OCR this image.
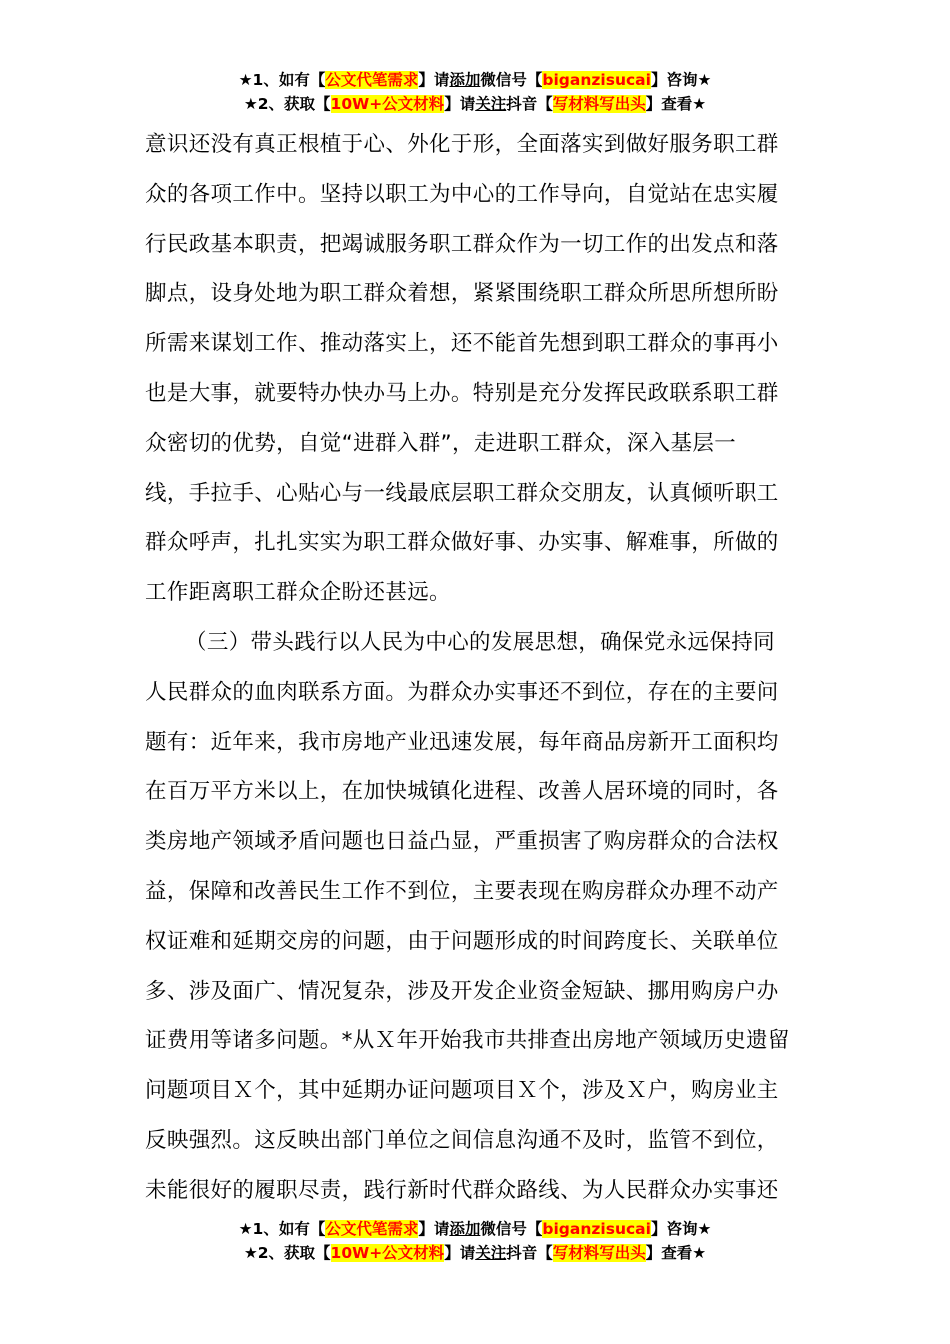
★1、如有【公文代笔需求】请添加微信号【biganzisucai】咨询★
★2、获取【10W+公文材料】请关注抖音【写材料写出头】查看★
意识还没有真正根植于心、外化于形，全面落实到做好服务职工群
众的各项工作中。坚持以职工为中心的工作导向，自觉站在忠实履
行民政基本职责，把竭诚服务职工群众作为一切工作的出发点和落
脚点，设身处地为职工群众着想，紧紧围绕职工群众所思所想所盼
所需来谋划工作、推动落实上，还不能首先想到职工群众的事再小
也是大事，就要特办快办马上办。特别是充分发挥民政联系职工群
众密切的优势，自觉“进群入群”，走进职工群众，深入基层一
线，手拉手、心贴心与一线最底层职工群众交朋友，认真倾听职工
群众呼声，扎扎实实为职工群众做好事、办实事、解难事，所做的
工作距离职工群众企盼还甚远。
（三）带头践行以人民为中心的发展思想，确保党永远保持同
人民群众的血肉联系方面。为群众办实事还不到位，存在的主要问
题有：近年来，我市房地产业迅速发展，每年商品房新开工面积均
在百万平方米以上，在加快城镇化进程、改善人居环境的同时，各
类房地产领域矛盾问题也日益凸显，严重损害了购房群众的合法权
益，保障和改善民生工作不到位，主要表现在购房群众办理不动产
权证难和延期交房的问题，由于问题形成的时间跨度长、关联单位
多、涉及面广、情况复杂，涉及开发企业资金短缺、挪用购房户办
证费用等诸多问题。*从Ｘ年开始我市共排查出房地产领域历史遗留
问题项目Ｘ个，其中延期办证问题项目Ｘ个，涉及Ｘ户，购房业主
反映强烈。这反映出部门单位之间信息沟通不及时，监管不到位，
未能很好的履职尽责，践行新时代群众路线、为人民群众办实事还
★1、如有【公文代笔需求】请添加微信号【biganzisucai】咨询★
★2、获取【10W+公文材料】请关注抖音【写材料写出头】查看★
